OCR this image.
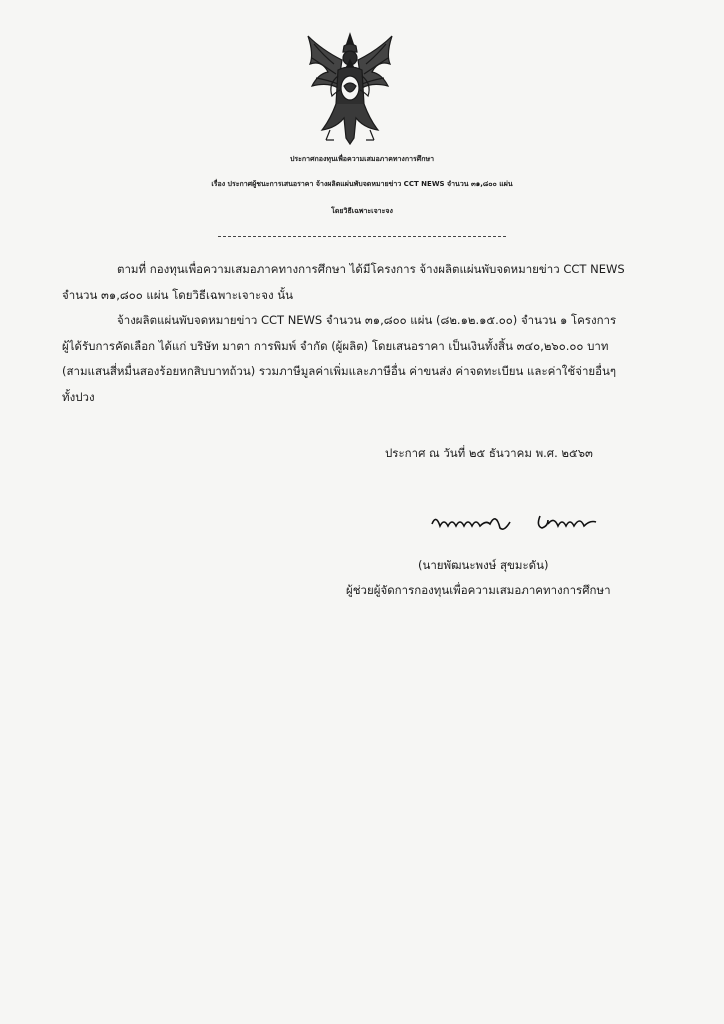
ประกาศกองทุนเพื่อความเสมอภาคทางการศึกษา
เรื่อง ประกาศผู้ชนะการเสนอราคา จ้างผลิตแผ่นพับจดหมายข่าว CCT NEWS จำนวน ๓๑,๘๐๐ แผ่น
โดยวิธีเฉพาะเจาะจง
ตามที่ กองทุนเพื่อความเสมอภาคทางการศึกษา ได้มีโครงการ จ้างผลิตแผ่นพับจดหมายข่าว CCT NEWS
จำนวน ๓๑,๘๐๐ แผ่น โดยวิธีเฉพาะเจาะจง นั้น
จ้างผลิตแผ่นพับจดหมายข่าว CCT NEWS จำนวน ๓๑,๘๐๐ แผ่น (๘๒.๑๒.๑๕.๐๐) จำนวน ๑ โครงการ
ผู้ได้รับการคัดเลือก ได้แก่ บริษัท มาตา การพิมพ์ จำกัด (ผู้ผลิต) โดยเสนอราคา เป็นเงินทั้งสิ้น ๓๔๐,๒๖๐.๐๐ บาท
(สามแสนสี่หมื่นสองร้อยหกสิบบาทถ้วน) รวมภาษีมูลค่าเพิ่มและภาษีอื่น ค่าขนส่ง ค่าจดทะเบียน และค่าใช้จ่ายอื่นๆ
ทั้งปวง
ประกาศ ณ วันที่ ๒๕ ธันวาคม พ.ศ. ๒๕๖๓
(นายพัฒนะพงษ์ สุขมะดัน)
ผู้ช่วยผู้จัดการกองทุนเพื่อความเสมอภาคทางการศึกษา
